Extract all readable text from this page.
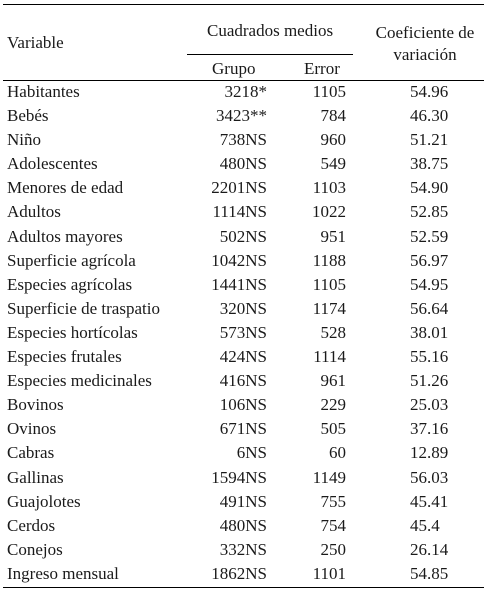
Variable
Cuadrados medios	Coeficiente de variación
Grupo	Error
Habitantes	3218*	1105	54.96
Bebés	3423**	784	46.30
Niño	738NS	960	51.21
Adolescentes	480NS	549	38.75
Menores de edad	2201NS	1103	54.90
Adultos	1114NS	1022	52.85
Adultos mayores	502NS	951	52.59
Superficie agrícola	1042NS	1188	56.97
Especies agrícolas	1441NS	1105	54.95
Superficie de traspatio	320NS	1174	56.64
Especies hortícolas	573NS	528	38.01
Especies frutales	424NS	1114	55.16
Especies medicinales	416NS	961	51.26
Bovinos	106NS	229	25.03
Ovinos	671NS	505	37.16
Cabras	6NS	60	12.89
Gallinas	1594NS	1149	56.03
Guajolotes	491NS	755	45.41
Cerdos	480NS	754	45.4
Conejos	332NS	250	26.14
Ingreso mensual	1862NS	1101	54.85
